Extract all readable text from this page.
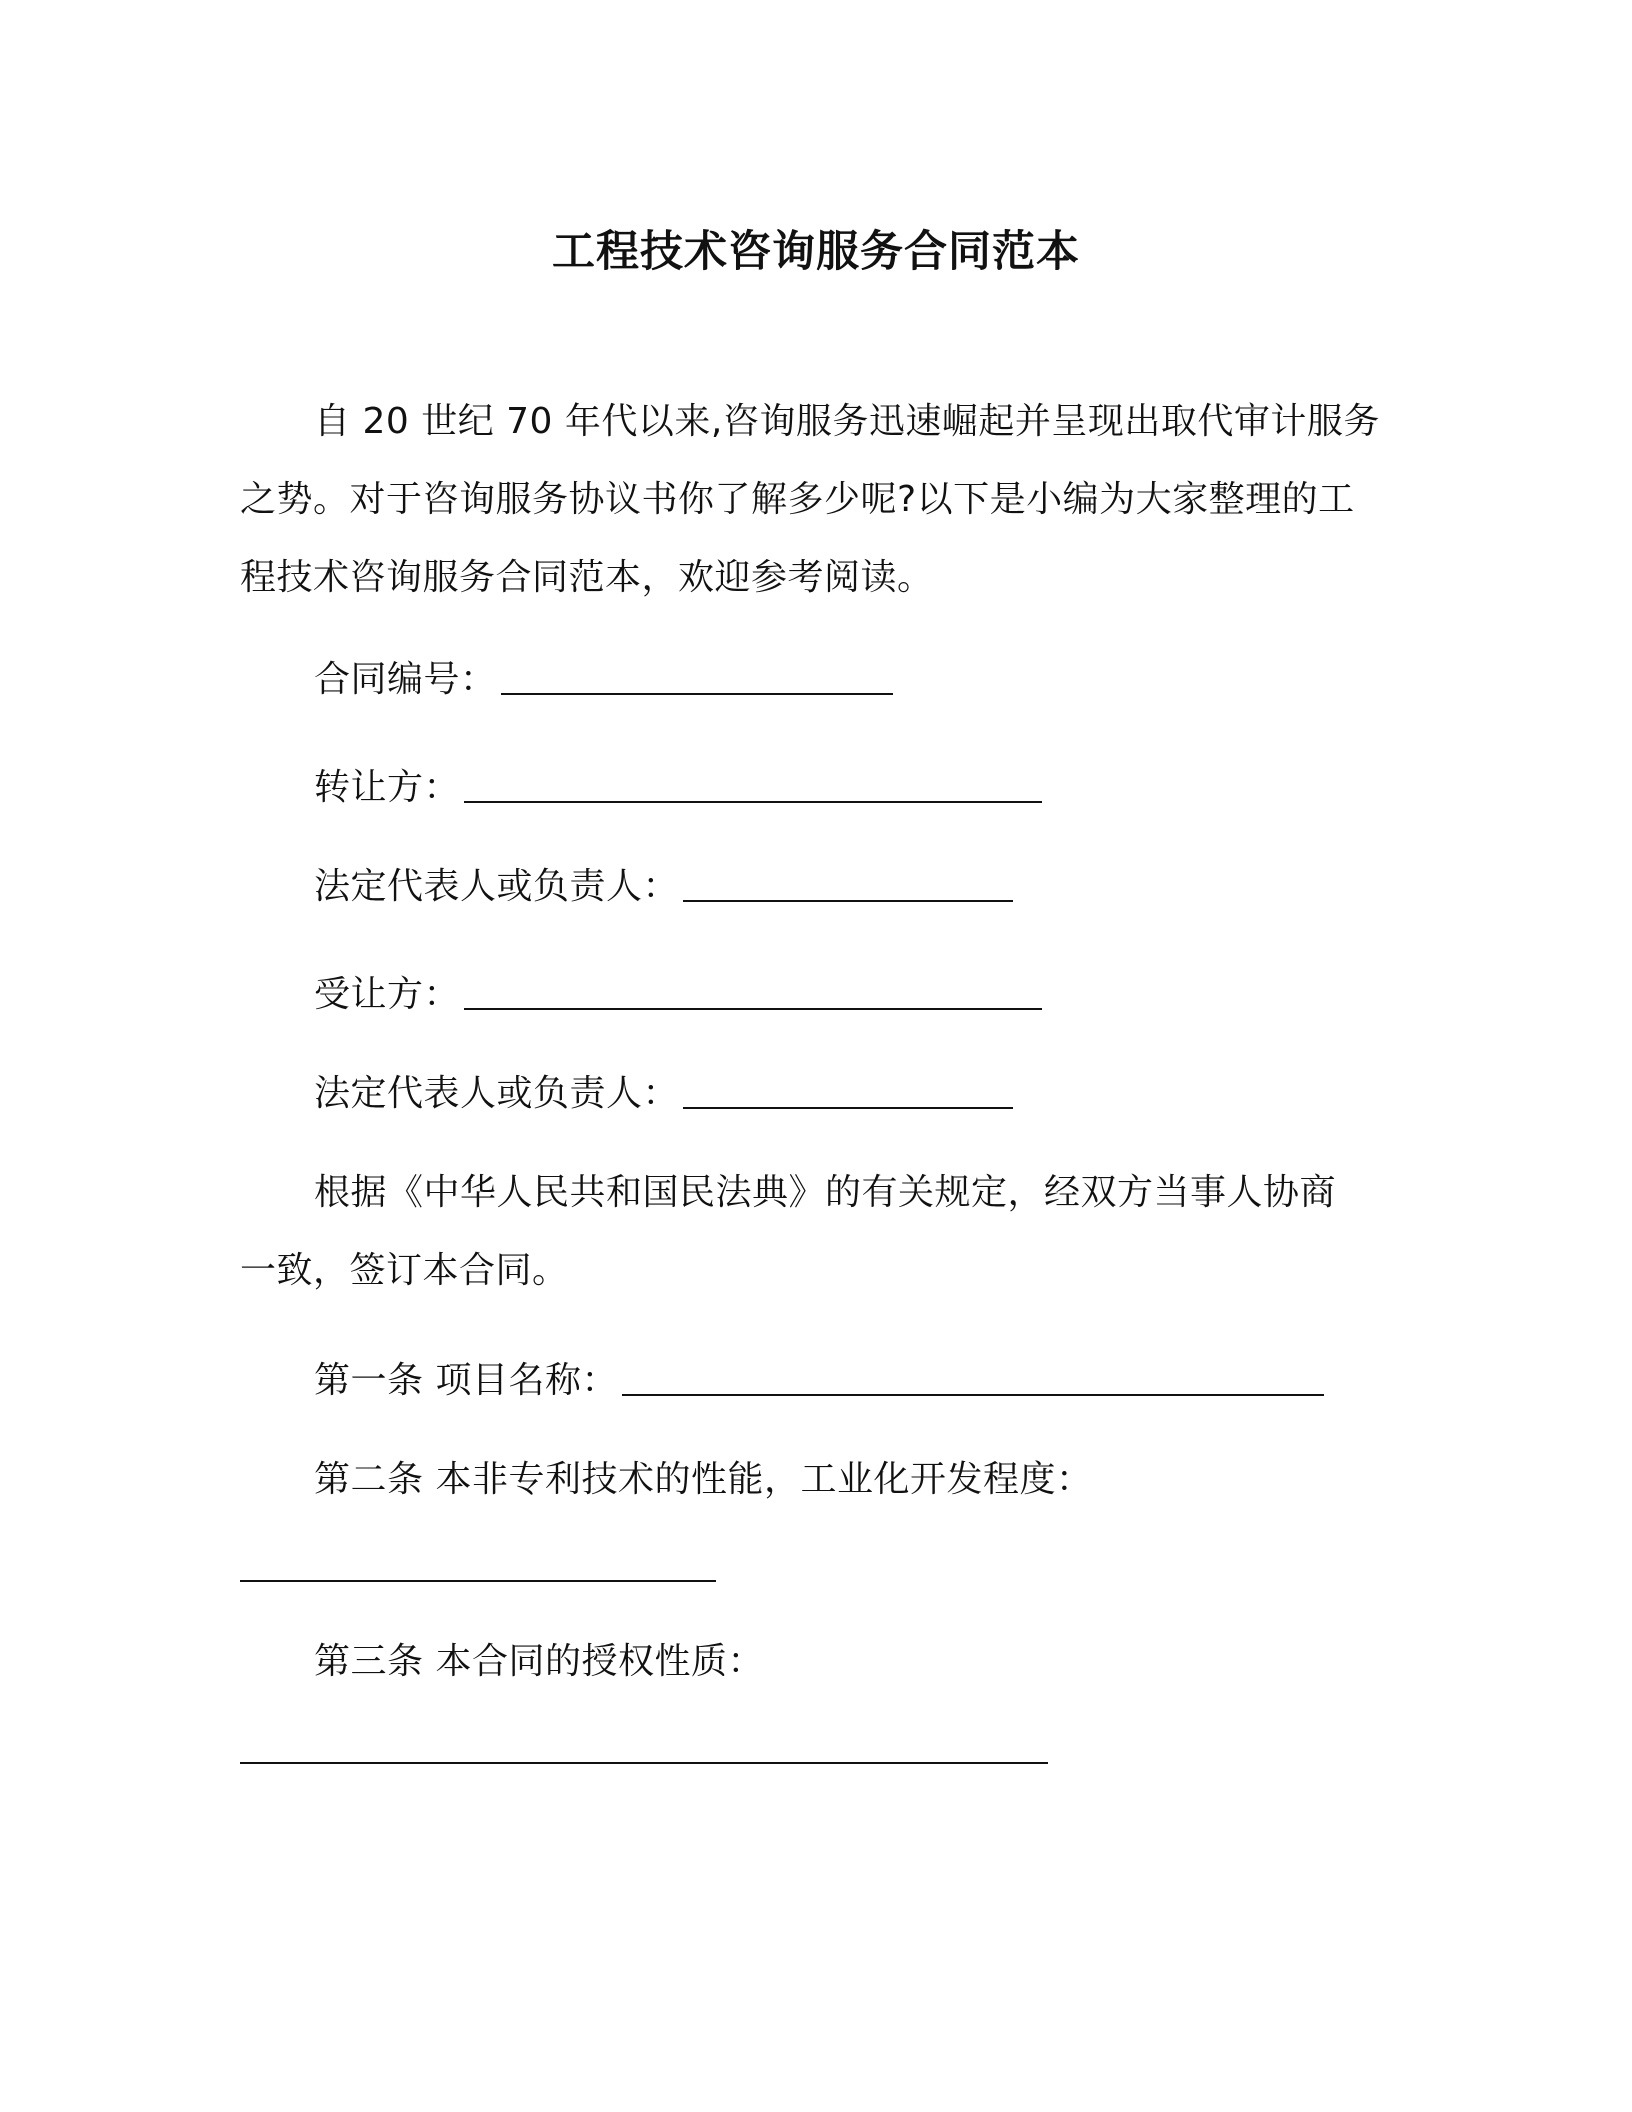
工程技术咨询服务合同范本
自 20 世纪 70 年代以来,咨询服务迅速崛起并呈现出取代审计服务
之势。对于咨询服务协议书你了解多少呢?以下是小编为大家整理的工
程技术咨询服务合同范本，欢迎参考阅读。
合同编号：
转让方：
法定代表人或负责人：
受让方：
法定代表人或负责人：
根据《中华人民共和国民法典》的有关规定，经双方当事人协商
一致，签订本合同。
第一条 项目名称：
第二条 本非专利技术的性能，工业化开发程度：
第三条 本合同的授权性质：
